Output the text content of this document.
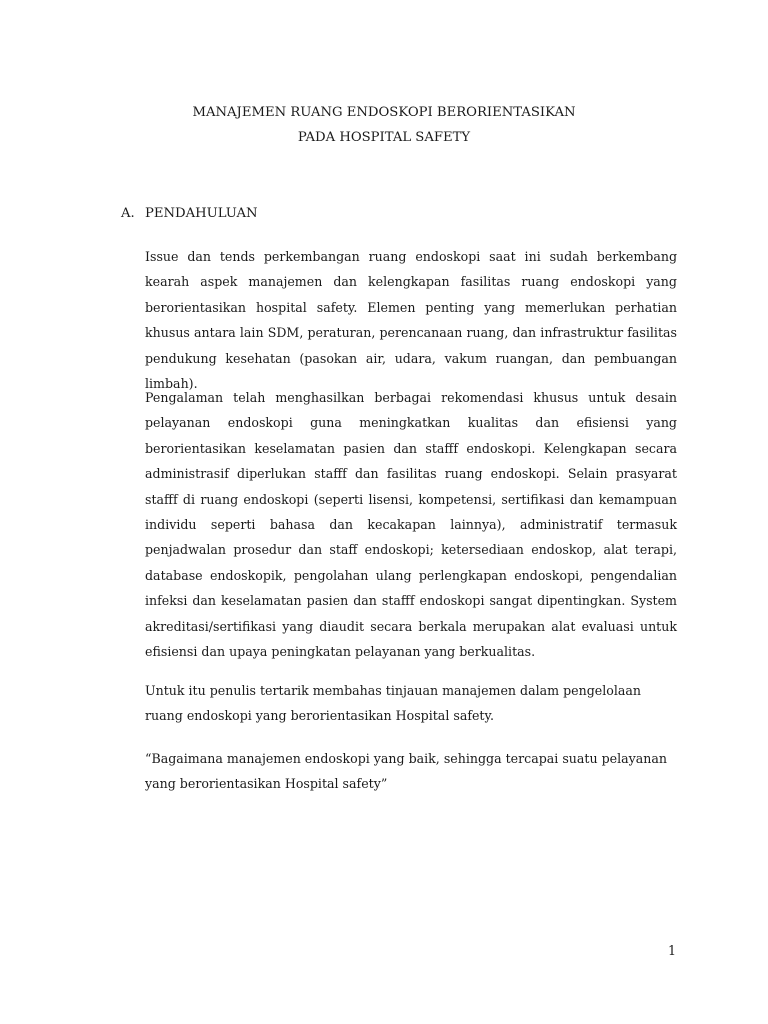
MANAJEMEN RUANG ENDOSKOPI BERORIENTASIKAN
PADA HOSPITAL SAFETY
A. PENDAHULUAN

Issue dan tends perkembangan ruang endoskopi saat ini sudah berkembang kearah aspek manajemen dan kelengkapan fasilitas ruang endoskopi yang berorientasikan hospital safety. Elemen penting yang memerlukan perhatian khusus antara lain SDM, peraturan, perencanaan ruang, dan infrastruktur fasilitas pendukung kesehatan (pasokan air, udara, vakum ruangan, dan pembuangan limbah).

Pengalaman telah menghasilkan berbagai rekomendasi khusus untuk desain pelayanan endoskopi guna meningkatkan kualitas dan efisiensi yang berorientasikan keselamatan pasien dan stafff endoskopi. Kelengkapan secara administrasif diperlukan stafff dan fasilitas ruang endoskopi. Selain prasyarat stafff di ruang endoskopi (seperti lisensi, kompetensi, sertifikasi dan kemampuan individu seperti bahasa dan kecakapan lainnya), administratif termasuk penjadwalan prosedur dan staff endoskopi; ketersediaan endoskop, alat terapi, database endoskopik, pengolahan ulang perlengkapan endoskopi, pengendalian infeksi dan keselamatan pasien dan stafff endoskopi sangat dipentingkan. System akreditasi/sertifikasi yang diaudit secara berkala merupakan alat evaluasi untuk efisiensi dan upaya peningkatan pelayanan yang berkualitas.

Untuk itu penulis tertarik membahas tinjauan manajemen dalam pengelolaan ruang endoskopi yang berorientasikan Hospital safety.

“Bagaimana manajemen endoskopi yang baik, sehingga tercapai suatu pelayanan yang berorientasikan Hospital safety”

1
